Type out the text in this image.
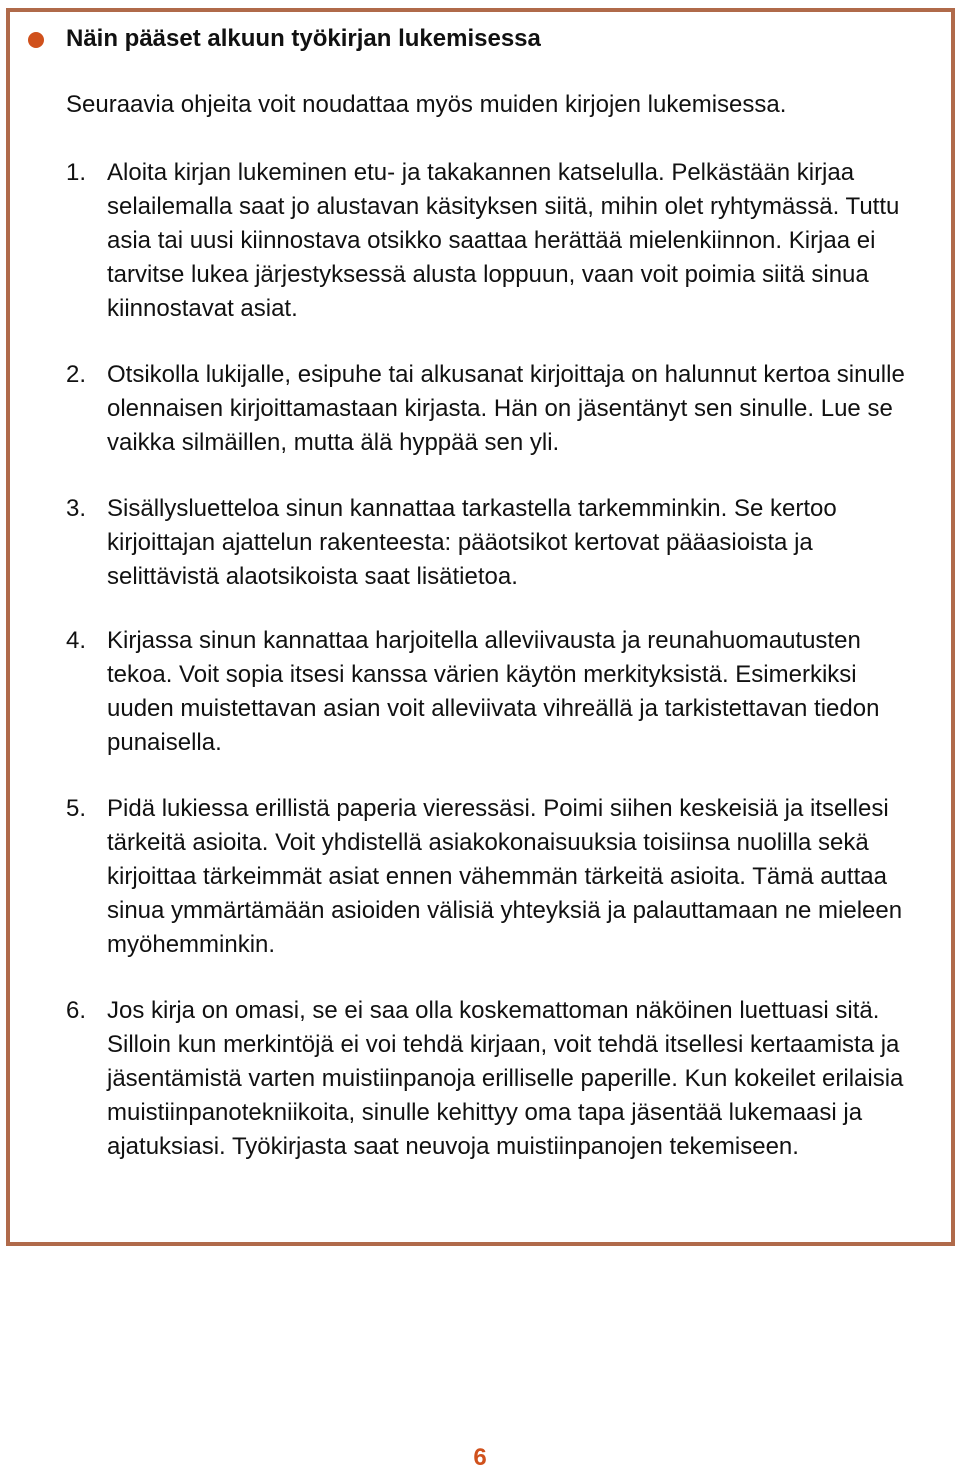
Näin pääset alkuun työkirjan lukemisessa
Seuraavia ohjeita voit noudattaa myös muiden kirjojen lukemisessa.
1. Aloita kirjan lukeminen etu- ja takakannen katselulla. Pelkästään kirjaa selailemalla saat jo alustavan käsityksen siitä, mihin olet ryhtymässä. Tuttu asia tai uusi kiinnostava otsikko saattaa herättää mielenkiinnon. Kirjaa ei tarvitse lukea järjestyksessä alusta loppuun, vaan voit poimia siitä sinua kiinnostavat asiat.
2. Otsikolla lukijalle, esipuhe tai alkusanat kirjoittaja on halunnut kertoa sinulle olennaisen kirjoittamastaan kirjasta. Hän on jäsentänyt sen sinulle. Lue se vaikka silmäillen, mutta älä hyppää sen yli.
3. Sisällysluetteloa sinun kannattaa tarkastella tarkemminkin. Se kertoo kirjoittajan ajattelun rakenteesta: pääotsikot kertovat pääasioista ja selittävistä alaotsikoista saat lisätietoa.
4. Kirjassa sinun kannattaa harjoitella alleviivausta ja reunahuomautusten tekoa. Voit sopia itsesi kanssa värien käytön merkityksistä. Esimerkiksi uuden muistettavan asian voit alleviivata vihreällä ja tarkistettavan tiedon punaisella.
5. Pidä lukiessa erillistä paperia vieressäsi. Poimi siihen keskeisiä ja itsellesi tärkeitä asioita. Voit yhdistellä asiakokonaisuuksia toisiinsa nuolilla sekä kirjoittaa tärkeimmät asiat ennen vähemmän tärkeitä asioita. Tämä auttaa sinua ymmärtämään asioiden välisiä yhteyksiä ja palauttamaan ne mieleen myöhemminkin.
6. Jos kirja on omasi, se ei saa olla koskemattoman näköinen luettuasi sitä. Silloin kun merkintöjä ei voi tehdä kirjaan, voit tehdä itsellesi kertaamista ja jäsentämistä varten muistiinpanoja erilliselle paperille. Kun kokeilet erilaisia muistiinpanotekniikoita, sinulle kehittyy oma tapa jäsentää lukemaasi ja ajatuksiasi. Työkirjasta saat neuvoja muistiinpanojen tekemiseen.
6
